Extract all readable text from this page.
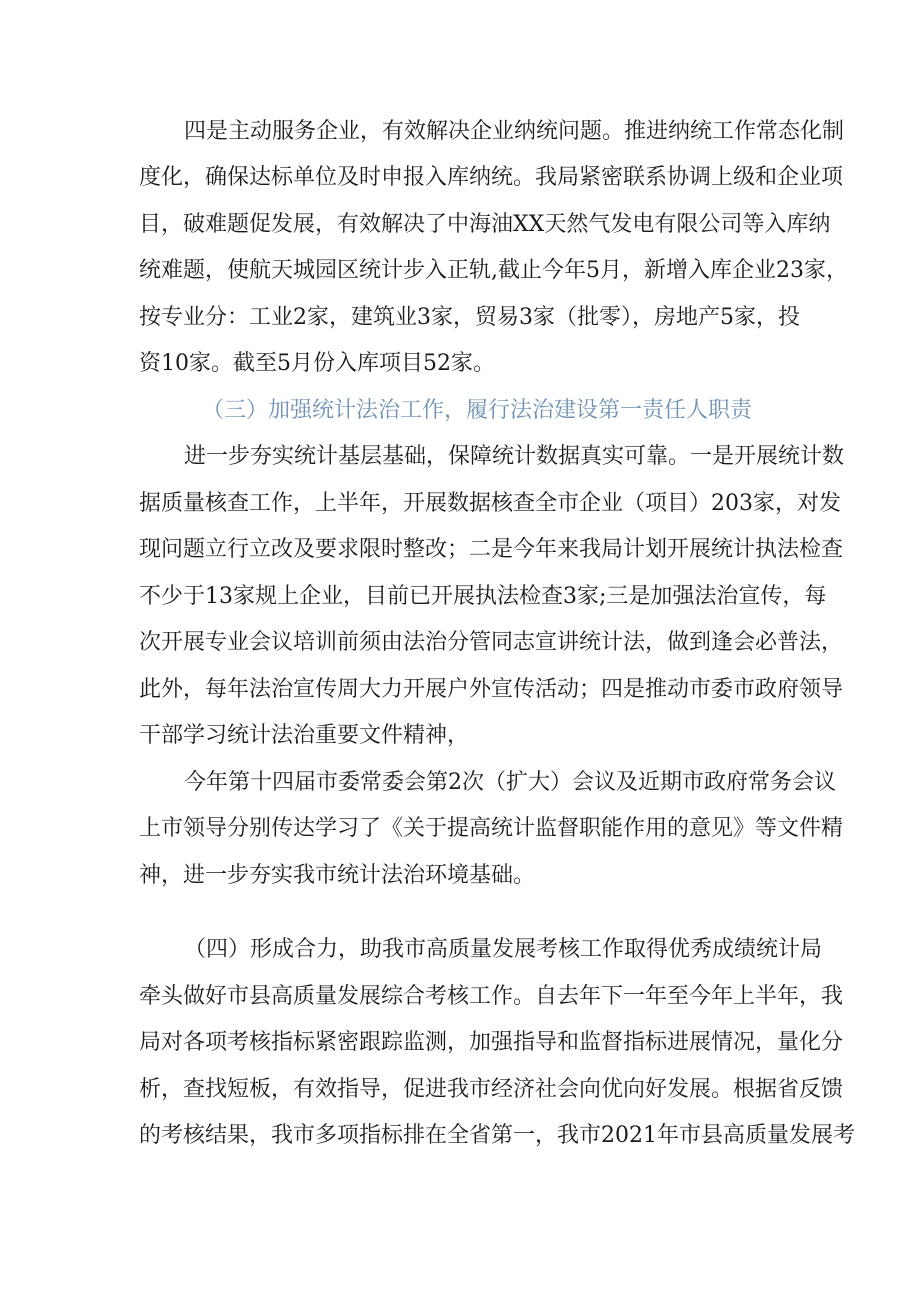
四是主动服务企业，有效解决企业纳统问题。推进纳统工作常态化制
度化，确保达标单位及时申报入库纳统。我局紧密联系协调上级和企业项
目，破难题促发展，有效解决了中海油XX天然气发电有限公司等入库纳
统难题，使航天城园区统计步入正轨,截止今年5月，新增入库企业23家，
按专业分：工业2家，建筑业3家，贸易3家（批零），房地产5家，投
资10家。截至5月份入库项目52家。
（三）加强统计法治工作，履行法治建设第一责任人职责
进一步夯实统计基层基础，保障统计数据真实可靠。一是开展统计数
据质量核查工作，上半年，开展数据核查全市企业（项目）203家，对发
现问题立行立改及要求限时整改；二是今年来我局计划开展统计执法检查
不少于13家规上企业，目前已开展执法检查3家;三是加强法治宣传，每
次开展专业会议培训前须由法治分管同志宣讲统计法，做到逢会必普法，
此外，每年法治宣传周大力开展户外宣传活动；四是推动市委市政府领导
干部学习统计法治重要文件精神，
今年第十四届市委常委会第2次（扩大）会议及近期市政府常务会议
上市领导分别传达学习了《关于提高统计监督职能作用的意见》等文件精
神，进一步夯实我市统计法治环境基础。
（四）形成合力，助我市高质量发展考核工作取得优秀成绩统计局
牵头做好市县高质量发展综合考核工作。自去年下一年至今年上半年，我
局对各项考核指标紧密跟踪监测，加强指导和监督指标进展情况，量化分
析，查找短板，有效指导，促进我市经济社会向优向好发展。根据省反馈
的考核结果，我市多项指标排在全省第一，我市2021年市县高质量发展考
